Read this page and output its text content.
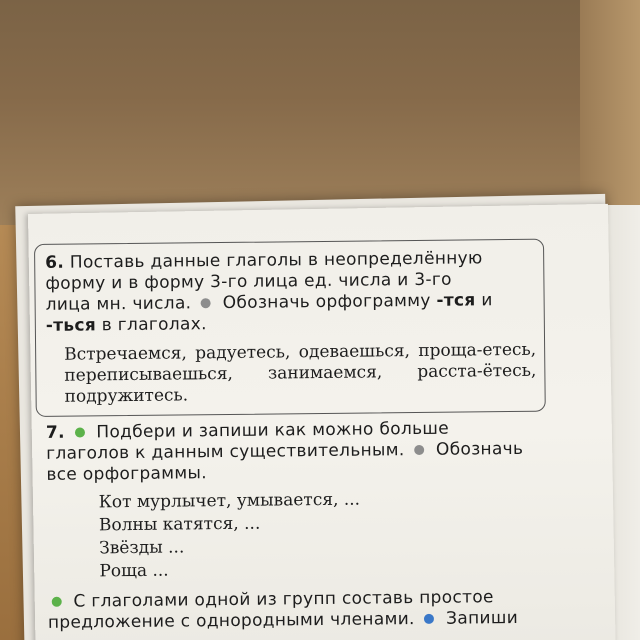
6. Поставь данные глаголы в неопределённую

форму и в форму 3-го лица ед. числа и 3-го

лица мн. числа. Обозначь орфограмму -тся и

-ться в глаголах.

Встречаемся, радуетесь, одеваешься, проща-етесь, переписываешься, занимаемся, расста-ётесь, подружитесь.

7. Подбери и запиши как можно больше

глаголов к данным существительным. Обозначь

все орфограммы.

Кот мурлычет, умывается, ...
Волны катятся, ...
Звёзды ...
Роща ...

С глаголами одной из групп составь простое

предложение с однородными членами. Запиши
